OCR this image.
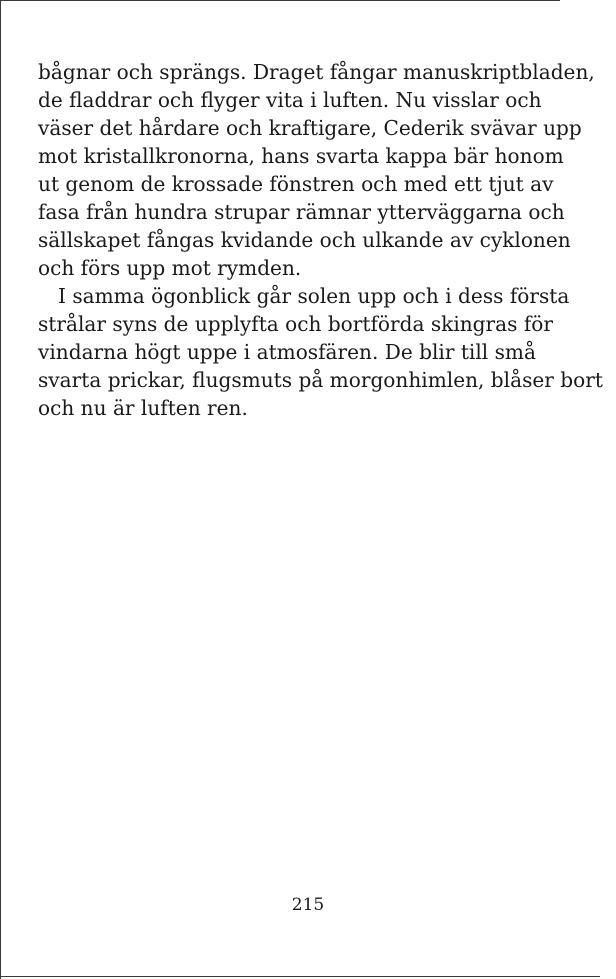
bågnar och sprängs. Draget fångar manuskriptbladen,
de fladdrar och flyger vita i luften. Nu visslar och
väser det hårdare och kraftigare, Cederik svävar upp
mot kristallkronorna, hans svarta kappa bär honom
ut genom de krossade fönstren och med ett tjut av
fasa från hundra strupar rämnar ytterväggarna och
sällskapet fångas kvidande och ulkande av cyklonen
och förs upp mot rymden.

I samma ögonblick går solen upp och i dess första
strålar syns de upplyfta och bortförda skingras för
vindarna högt uppe i atmosfären. De blir till små
svarta prickar, flugsmuts på morgonhimlen, blåser bort
och nu är luften ren.

215
